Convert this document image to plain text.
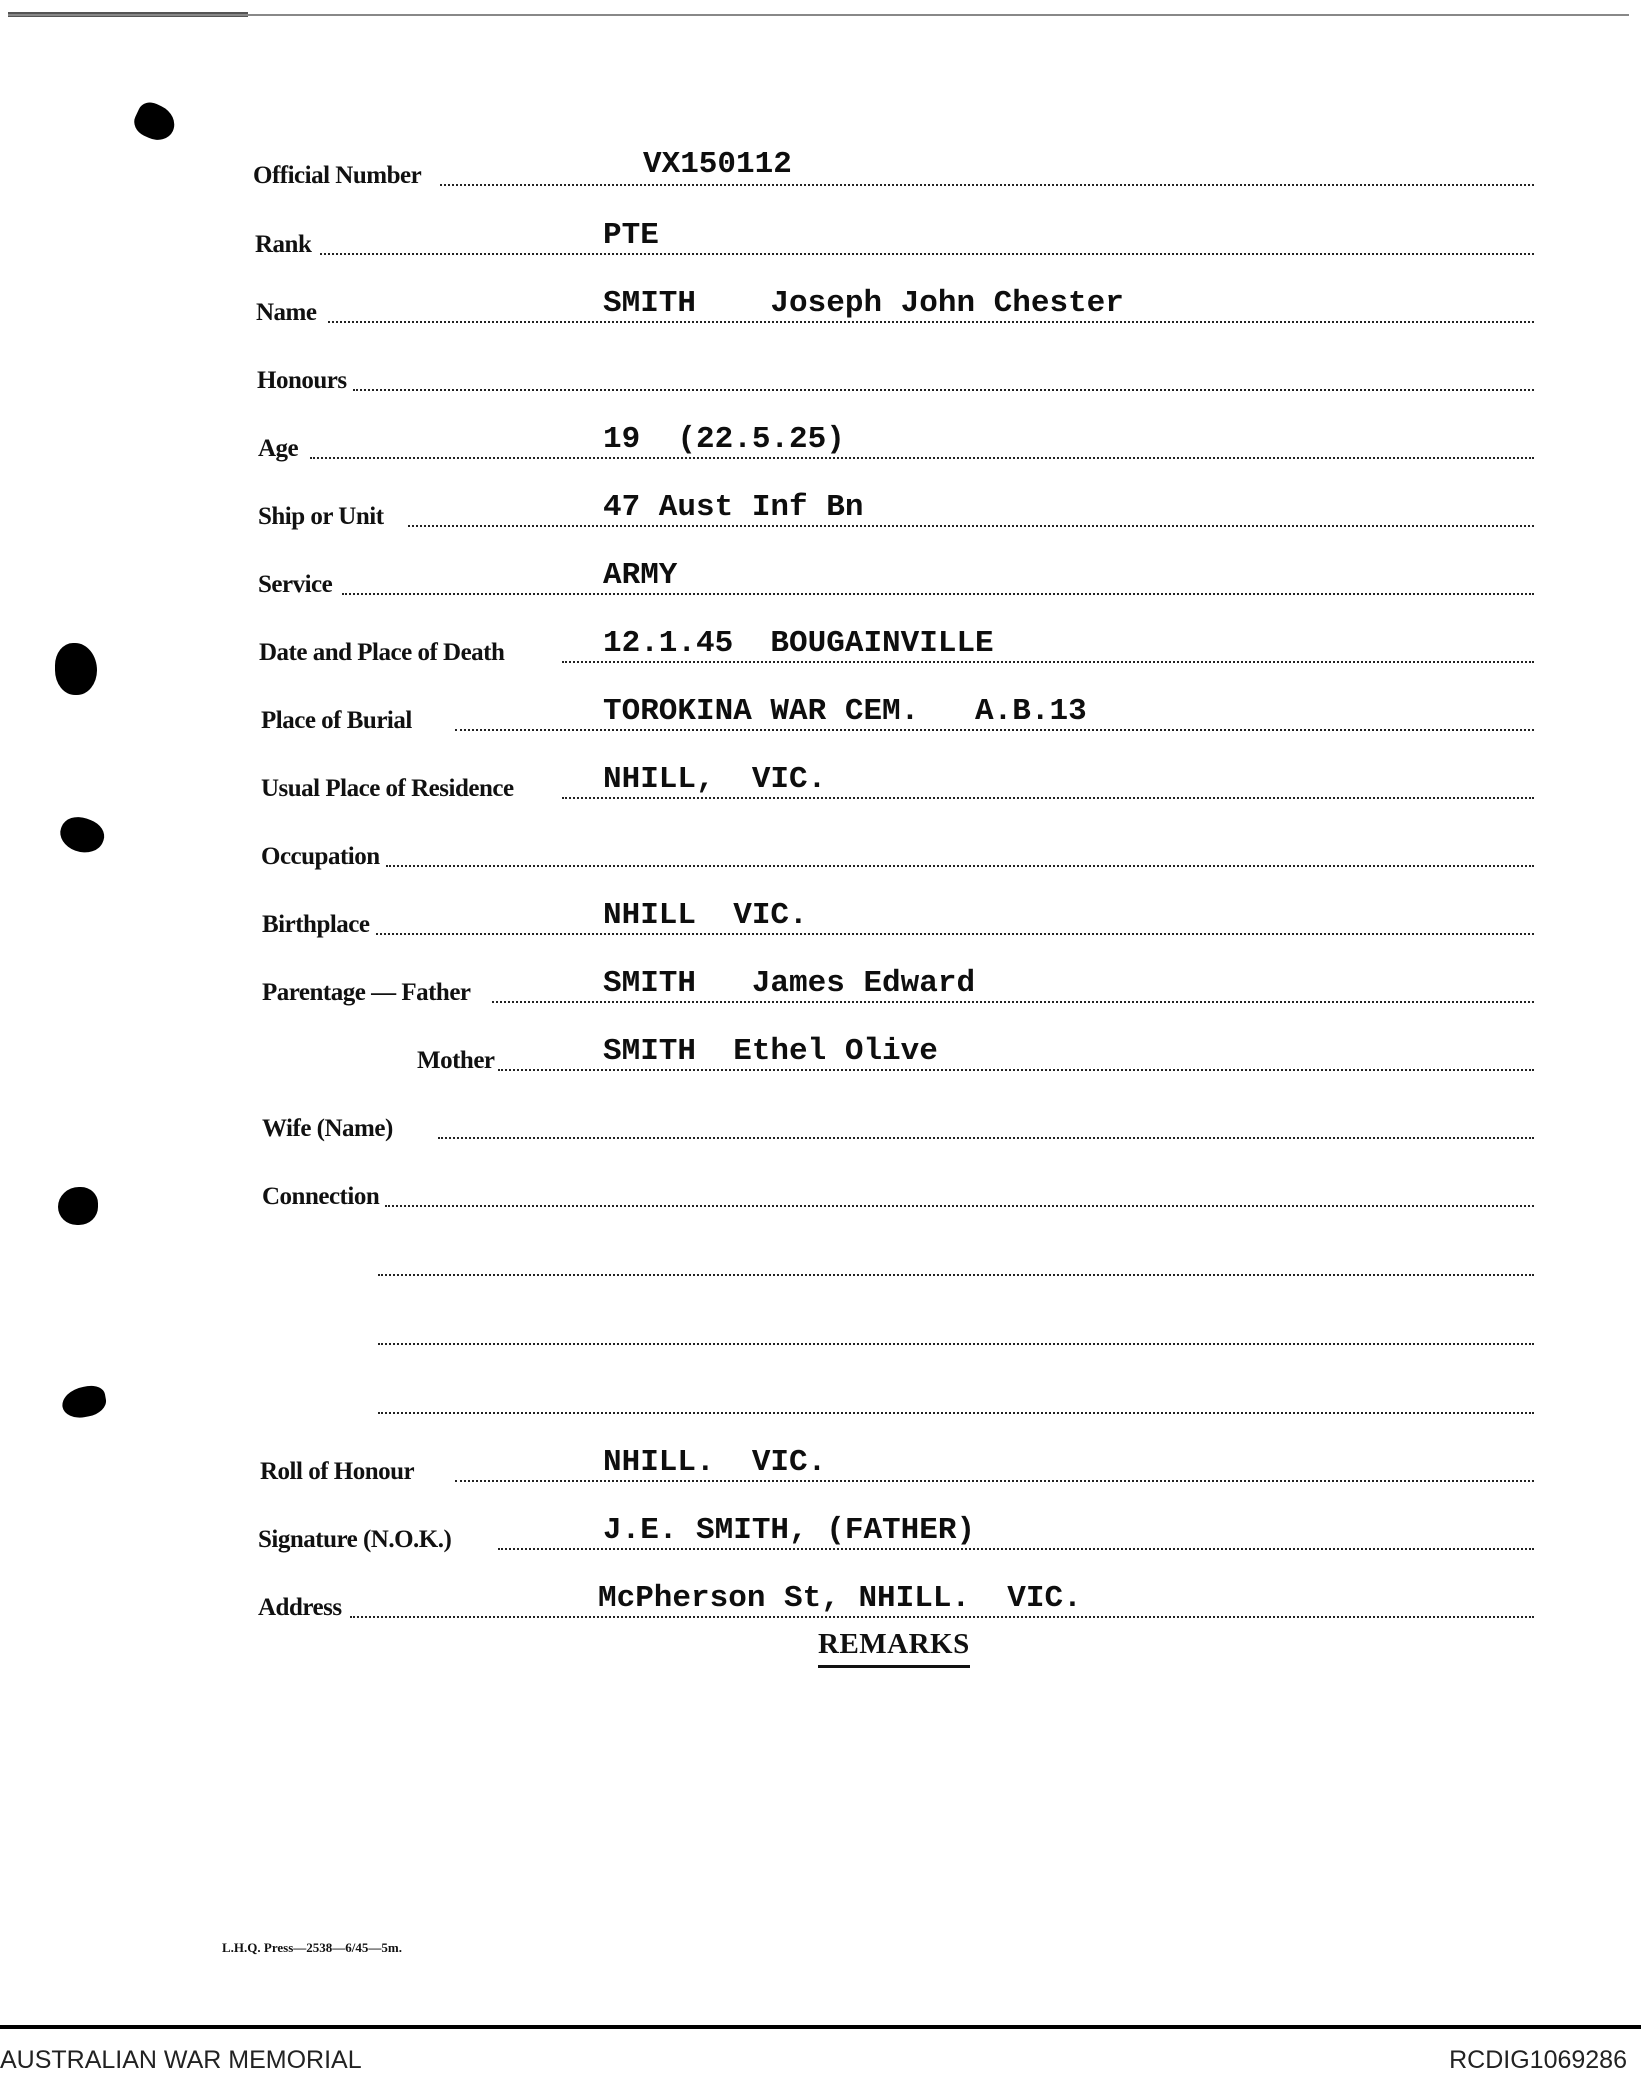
Official Number	VX150112
Rank	PTE
Name	SMITH    Joseph John Chester
Honours
Age	19  (22.5.25)
Ship or Unit	47 Aust Inf Bn
Service	ARMY
Date and Place of Death	12.1.45  BOUGAINVILLE
Place of Burial	TOROKINA WAR CEM.   A.B.13
Usual Place of Residence	NHILL,  VIC.
Occupation
Birthplace	NHILL  VIC.
Parentage — Father	SMITH   James Edward
Mother	SMITH  Ethel Olive
Wife (Name)
Connection
Roll of Honour	NHILL.  VIC.
Signature (N.O.K.)	J.E. SMITH, (FATHER)
Address	McPherson St, NHILL.  VIC.
REMARKS
L.H.Q. Press—2538—6/45—5m.
AUSTRALIAN WAR MEMORIAL	RCDIG1069286
